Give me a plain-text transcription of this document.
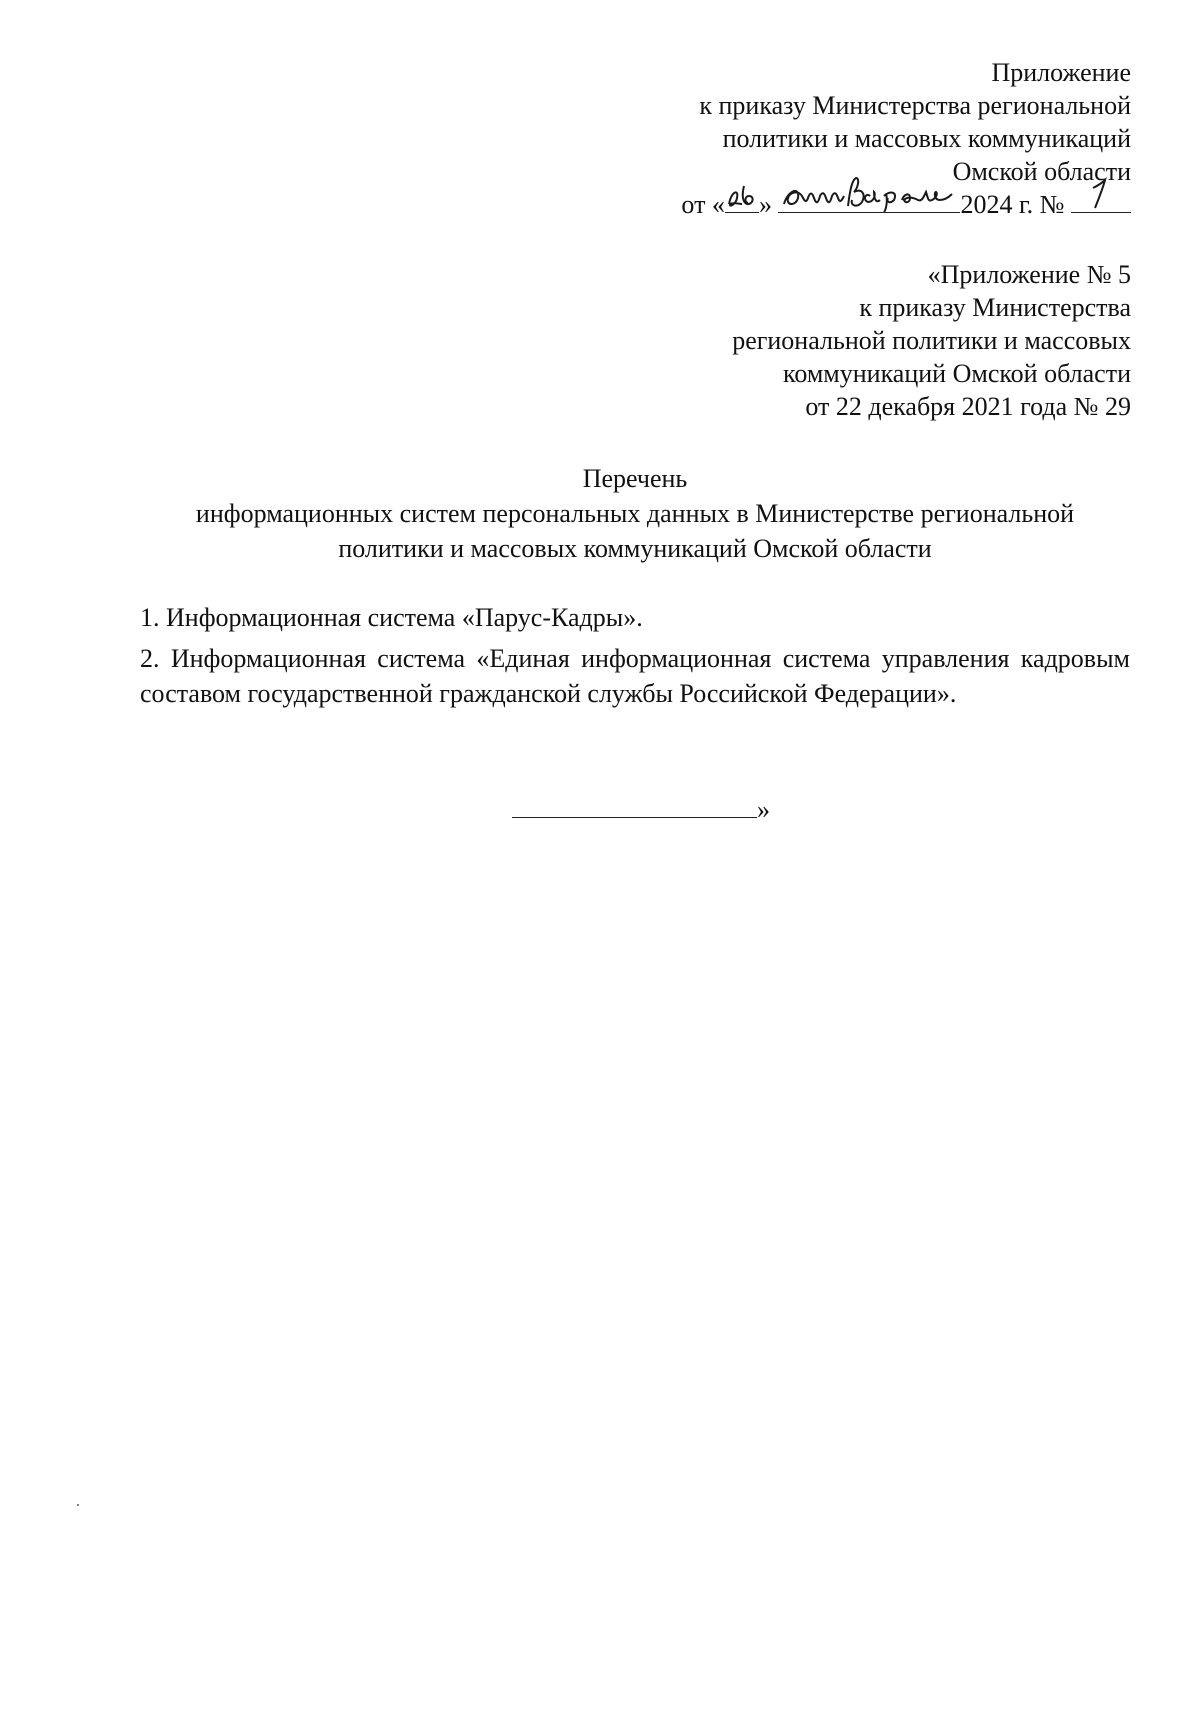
Приложение
к приказу Министерства региональной
политики и массовых коммуникаций
Омской области
от « »	2024 г. №
«Приложение № 5
к приказу Министерства
региональной политики и массовых
коммуникаций Омской области
от 22 декабря 2021 года № 29
Перечень
информационных систем персональных данных в Министерстве региональной
политики и массовых коммуникаций Омской области
1. Информационная система «Парус-Кадры».
2. Информационная система «Единая информационная система управления кадровым составом государственной гражданской службы Российской Федерации».
»
